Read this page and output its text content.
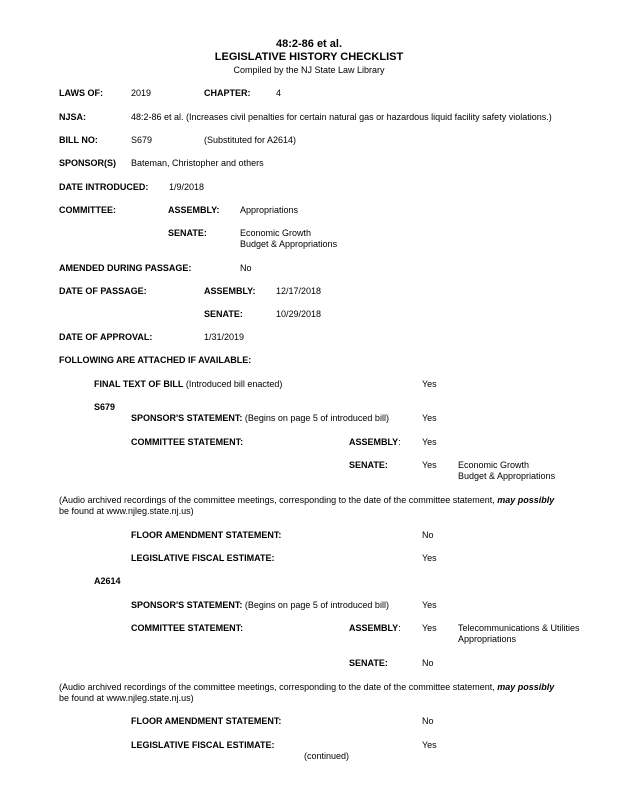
48:2-86 et al.
LEGISLATIVE HISTORY CHECKLIST
Compiled by the NJ State Law Library
LAWS OF:	2019	CHAPTER:	4
NJSA:	48:2-86 et al. (Increases civil penalties for certain natural gas or hazardous liquid facility safety violations.)
BILL NO:	S679	(Substituted for A2614)
SPONSOR(S) Bateman, Christopher and others
DATE INTRODUCED: 1/9/2018
COMMITTEE:	ASSEMBLY: Appropriations
SENATE:	Economic Growth
Budget & Appropriations
AMENDED DURING PASSAGE:	No
DATE OF PASSAGE:	ASSEMBLY: 12/17/2018
SENATE:	10/29/2018
DATE OF APPROVAL:	1/31/2019
FOLLOWING ARE ATTACHED IF AVAILABLE:
FINAL TEXT OF BILL (Introduced bill enacted)	Yes
S679
SPONSOR'S STATEMENT: (Begins on page 5 of introduced bill)	Yes
COMMITTEE STATEMENT:	ASSEMBLY: Yes
SENATE:	Yes Economic Growth
Budget & Appropriations
(Audio archived recordings of the committee meetings, corresponding to the date of the committee statement, may possibly
be found at www.njleg.state.nj.us)
FLOOR AMENDMENT STATEMENT:	No
LEGISLATIVE FISCAL ESTIMATE:	Yes
A2614
SPONSOR'S STATEMENT: (Begins on page 5 of introduced bill)	Yes
COMMITTEE STATEMENT:	ASSEMBLY: Yes Telecommunications & Utilities
Appropriations
SENATE:	No
(Audio archived recordings of the committee meetings, corresponding to the date of the committee statement, may possibly
be found at www.njleg.state.nj.us)
FLOOR AMENDMENT STATEMENT:	No
LEGISLATIVE FISCAL ESTIMATE:	Yes
(continued)
